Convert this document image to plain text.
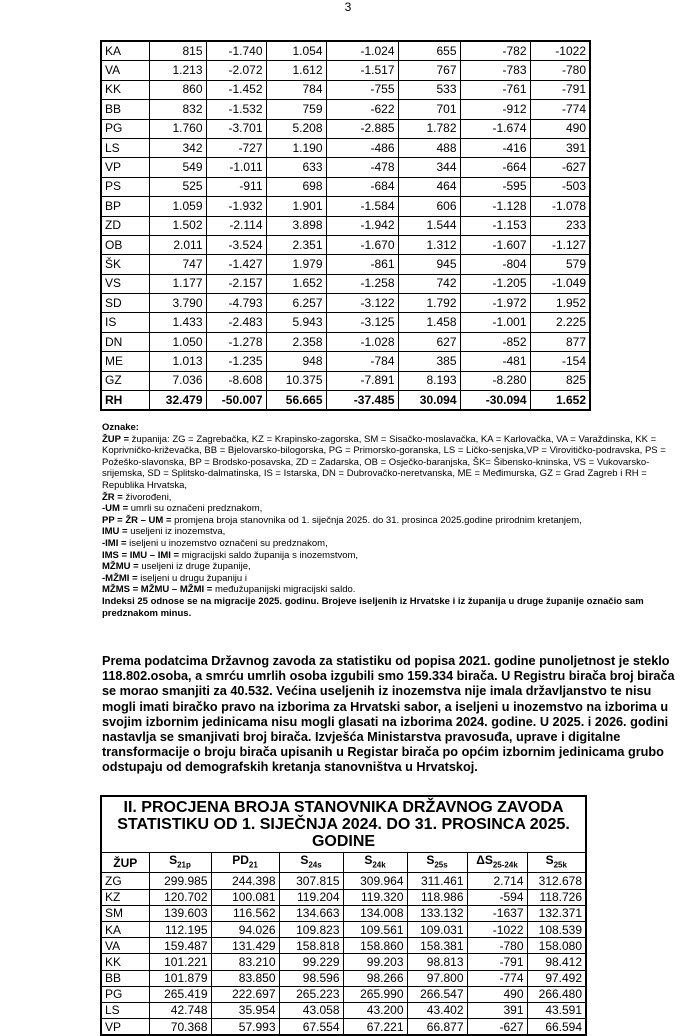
3
KA	815	-1.740	1.054	-1.024	655	-782	-1022
VA	1.213	-2.072	1.612	-1.517	767	-783	-780
KK	860	-1.452	784	-755	533	-761	-791
BB	832	-1.532	759	-622	701	-912	-774
PG	1.760	-3.701	5.208	-2.885	1.782	-1.674	490
LS	342	-727	1.190	-486	488	-416	391
VP	549	-1.011	633	-478	344	-664	-627
PS	525	-911	698	-684	464	-595	-503
BP	1.059	-1.932	1.901	-1.584	606	-1.128	-1.078
ZD	1.502	-2.114	3.898	-1.942	1.544	-1.153	233
OB	2.011	-3.524	2.351	-1.670	1.312	-1.607	-1.127
ŠK	747	-1.427	1.979	-861	945	-804	579
VS	1.177	-2.157	1.652	-1.258	742	-1.205	-1.049
SD	3.790	-4.793	6.257	-3.122	1.792	-1.972	1.952
IS	1.433	-2.483	5.943	-3.125	1.458	-1.001	2.225
DN	1.050	-1.278	2.358	-1.028	627	-852	877
ME	1.013	-1.235	948	-784	385	-481	-154
GZ	7.036	-8.608	10.375	-7.891	8.193	-8.280	825
RH	32.479	-50.007	56.665	-37.485	30.094	-30.094	1.652

Oznake:

ŽUP = županija: ZG = Zagrebačka, KZ = Krapinsko-zagorska, SM = Sisačko-moslavačka, KA = Karlovačka, VA = Varaždinska, KK = Koprivničko-križevačka, BB = Bjelovarsko-bilogorska, PG = Primorsko-goranska, LS = Ličko-senjska,VP = Virovitičko-podravska, PS = Požeško-slavonska, BP = Brodsko-posavska, ZD = Zadarska, OB = Osječko-baranjska, ŠK= Šibensko-kninska, VS = Vukovarsko-srijemska, SD = Splitsko-dalmatinska, IS = Istarska, DN = Dubrovačko-neretvanska, ME = Međimurska, GZ = Grad Zagreb i RH = Republika Hrvatska,

ŽR = živorođeni,

-UM = umrli su označeni predznakom,

PP = ŽR – UM = promjena broja stanovnika od 1. siječnja 2025. do 31. prosinca 2025.godine prirodnim kretanjem,

IMU = useljeni iz inozemstva,

-IMI = iseljeni u inozemstvo označeni su predznakom,

IMS = IMU – IMI = migracijski saldo županija s inozemstvom,

MŽMU = useljeni iz druge županije,

-MŽMI = iseljeni u drugu županiju i

MŽMS = MŽMU – MŽMI = međužupanijski migracijski saldo.

Indeksi 25 odnose se na migracije 2025. godinu. Brojeve iseljenih iz Hrvatske i iz županija u druge županije označio sam predznakom minus.

Prema podatcima Državnog zavoda za statistiku od popisa 2021. godine punoljetnost je steklo 118.802.osoba, a smrću umrlih osoba izgubili smo 159.334 birača. U Registru birača broj birača se morao smanjiti za 40.532. Većina useljenih iz inozemstva nije imala državljanstvo te nisu mogli imati biračko pravo na izborima za Hrvatski sabor, a iseljeni u inozemstvo na izborima u svojim izbornim jedinicama nisu mogli glasati na izborima 2024. godine. U 2025. i 2026. godini nastavlja se smanjivati broj birača. Izvješća Ministarstva pravosuđa, uprave i digitalne transformacije o broju birača upisanih u Registar birača po općim izbornim jedinicama grubo odstupaju od demografskih kretanja stanovništva u Hrvatskoj.

II. PROCJENA BROJA STANOVNIKA DRŽAVNOG ZAVODA STATISTIKU OD 1. SIJEČNJA 2024. DO 31. PROSINCA 2025. GODINE							
ŽUP	$S_{21p}$	$PD_{21}$	$S_{24s}$	$S_{24k}$	$S_{25s}$	$\Delta S_{25-24k}$	$S_{25k}$
ZG	299.985	244.398	307.815	309.964	311.461	2.714	312.678
KZ	120.702	100.081	119.204	119.320	118.986	-594	118.726
SM	139.603	116.562	134.663	134.008	133.132	-1637	132.371
KA	112.195	94.026	109.823	109.561	109.031	-1022	108.539
VA	159.487	131.429	158.818	158.860	158.381	-780	158.080
KK	101.221	83.210	99.229	99.203	98.813	-791	98.412
BB	101.879	83.850	98.596	98.266	97.800	-774	97.492
PG	265.419	222.697	265.223	265.990	266.547	490	266.480
LS	42.748	35.954	43.058	43.200	43.402	391	43.591
VP	70.368	57.993	67.554	67.221	66.877	-627	66.594
